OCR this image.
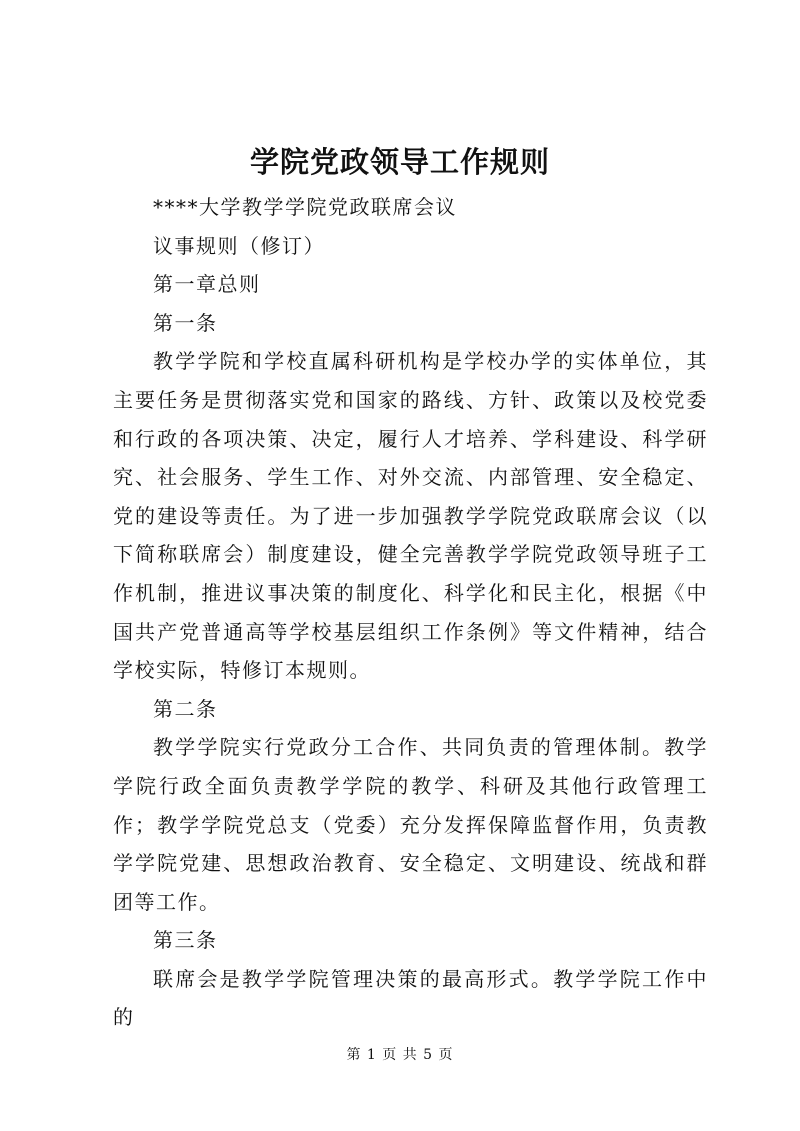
学院党政领导工作规则

****大学教学学院党政联席会议

议事规则（修订）

第一章总则

第一条

教学学院和学校直属科研机构是学校办学的实体单位，其主要任务是贯彻落实党和国家的路线、方针、政策以及校党委和行政的各项决策、决定，履行人才培养、学科建设、科学研究、社会服务、学生工作、对外交流、内部管理、安全稳定、党的建设等责任。为了进一步加强教学学院党政联席会议（以下简称联席会）制度建设，健全完善教学学院党政领导班子工作机制，推进议事决策的制度化、科学化和民主化，根据《中国共产党普通高等学校基层组织工作条例》等文件精神，结合学校实际，特修订本规则。

第二条

教学学院实行党政分工合作、共同负责的管理体制。教学学院行政全面负责教学学院的教学、科研及其他行政管理工作；教学学院党总支（党委）充分发挥保障监督作用，负责教学学院党建、思想政治教育、安全稳定、文明建设、统战和群团等工作。

第三条

联席会是教学学院管理决策的最高形式。教学学院工作中的

第 1 页 共 5 页
